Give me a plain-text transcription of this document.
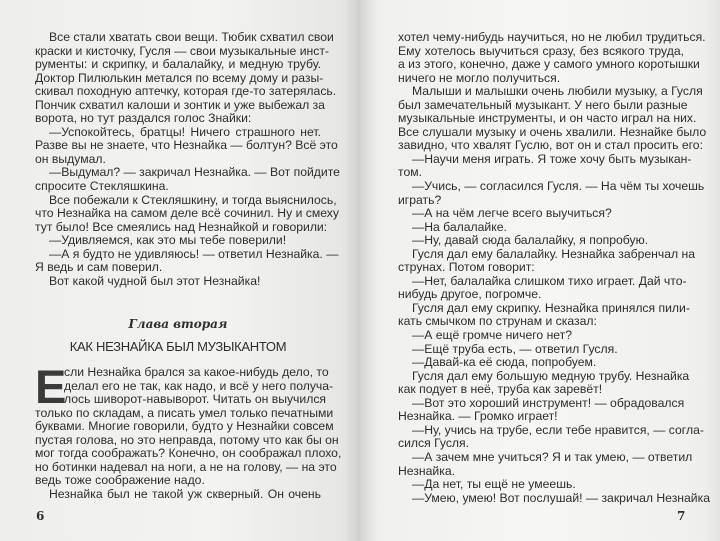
Все стали хватать свои вещи. Тюбик схватил свои
краски и кисточку, Гусля — свои музыкальные инст-
рументы: и скрипку, и балалайку, и медную трубу.
Доктор Пилюлькин метался по всему дому и разы-
скивал походную аптечку, которая где-то затерялась.
Пончик схватил калоши и зонтик и уже выбежал за
ворота, но тут раздался голос Знайки:
—Успокойтесь, братцы! Ничего страшного нет.
Разве вы не знаете, что Незнайка — болтун? Всё это
он выдумал.
—Выдумал? — закричал Незнайка. — Вот пойдите
спросите Стекляшкина.
Все побежали к Стекляшкину, и тогда выяснилось,
что Незнайка на самом деле всё сочинил. Ну и смеху
тут было! Все смеялись над Незнайкой и говорили:
—Удивляемся, как это мы тебе поверили!
—А я будто не удивляюсь! — ответил Незнайка. —
Я ведь и сам поверил.
Вот какой чудной был этот Незнайка!
Глава вторая
КАК НЕЗНАЙКА БЫЛ МУЗЫКАНТОМ
Е
сли Незнайка брался за какое-нибудь дело, то
делал его не так, как надо, и всё у него получа-
лось шиворот-навыворот. Читать он выучился
только по складам, а писать умел только печатными
буквами. Многие говорили, будто у Незнайки совсем
пустая голова, но это неправда, потому что как бы он
мог тогда соображать? Конечно, он соображал плохо,
но ботинки надевал на ноги, а не на голову, — на это
ведь тоже соображение надо.
Незнайка был не такой уж скверный. Он очень
6
хотел чему-нибудь научиться, но не любил трудиться.
Ему хотелось выучиться сразу, без всякого труда,
а из этого, конечно, даже у самого умного коротышки
ничего не могло получиться.
Малыши и малышки очень любили музыку, а Гусля
был замечательный музыкант. У него были разные
музыкальные инструменты, и он часто играл на них.
Все слушали музыку и очень хвалили. Незнайке было
завидно, что хвалят Гуслю, вот он и стал просить его:
—Научи меня играть. Я тоже хочу быть музыкан-
том.
—Учись, — согласился Гусля. — На чём ты хочешь
играть?
—А на чём легче всего выучиться?
—На балалайке.
—Ну, давай сюда балалайку, я попробую.
Гусля дал ему балалайку. Незнайка забренчал на
струнах. Потом говорит:
—Нет, балалайка слишком тихо играет. Дай что-
нибудь другое, погромче.
Гусля дал ему скрипку. Незнайка принялся пили-
кать смычком по струнам и сказал:
—А ещё громче ничего нет?
—Ещё труба есть, — ответил Гусля.
—Давай-ка её сюда, попробуем.
Гусля дал ему большую медную трубу. Незнайка
как подует в неё, труба как заревёт!
—Вот это хороший инструмент! — обрадовался
Незнайка. — Громко играет!
—Ну, учись на трубе, если тебе нравится, — согла-
сился Гусля.
—А зачем мне учиться? Я и так умею, — ответил
Незнайка.
—Да нет, ты ещё не умеешь.
—Умею, умею! Вот послушай! — закричал Незнайка
7
